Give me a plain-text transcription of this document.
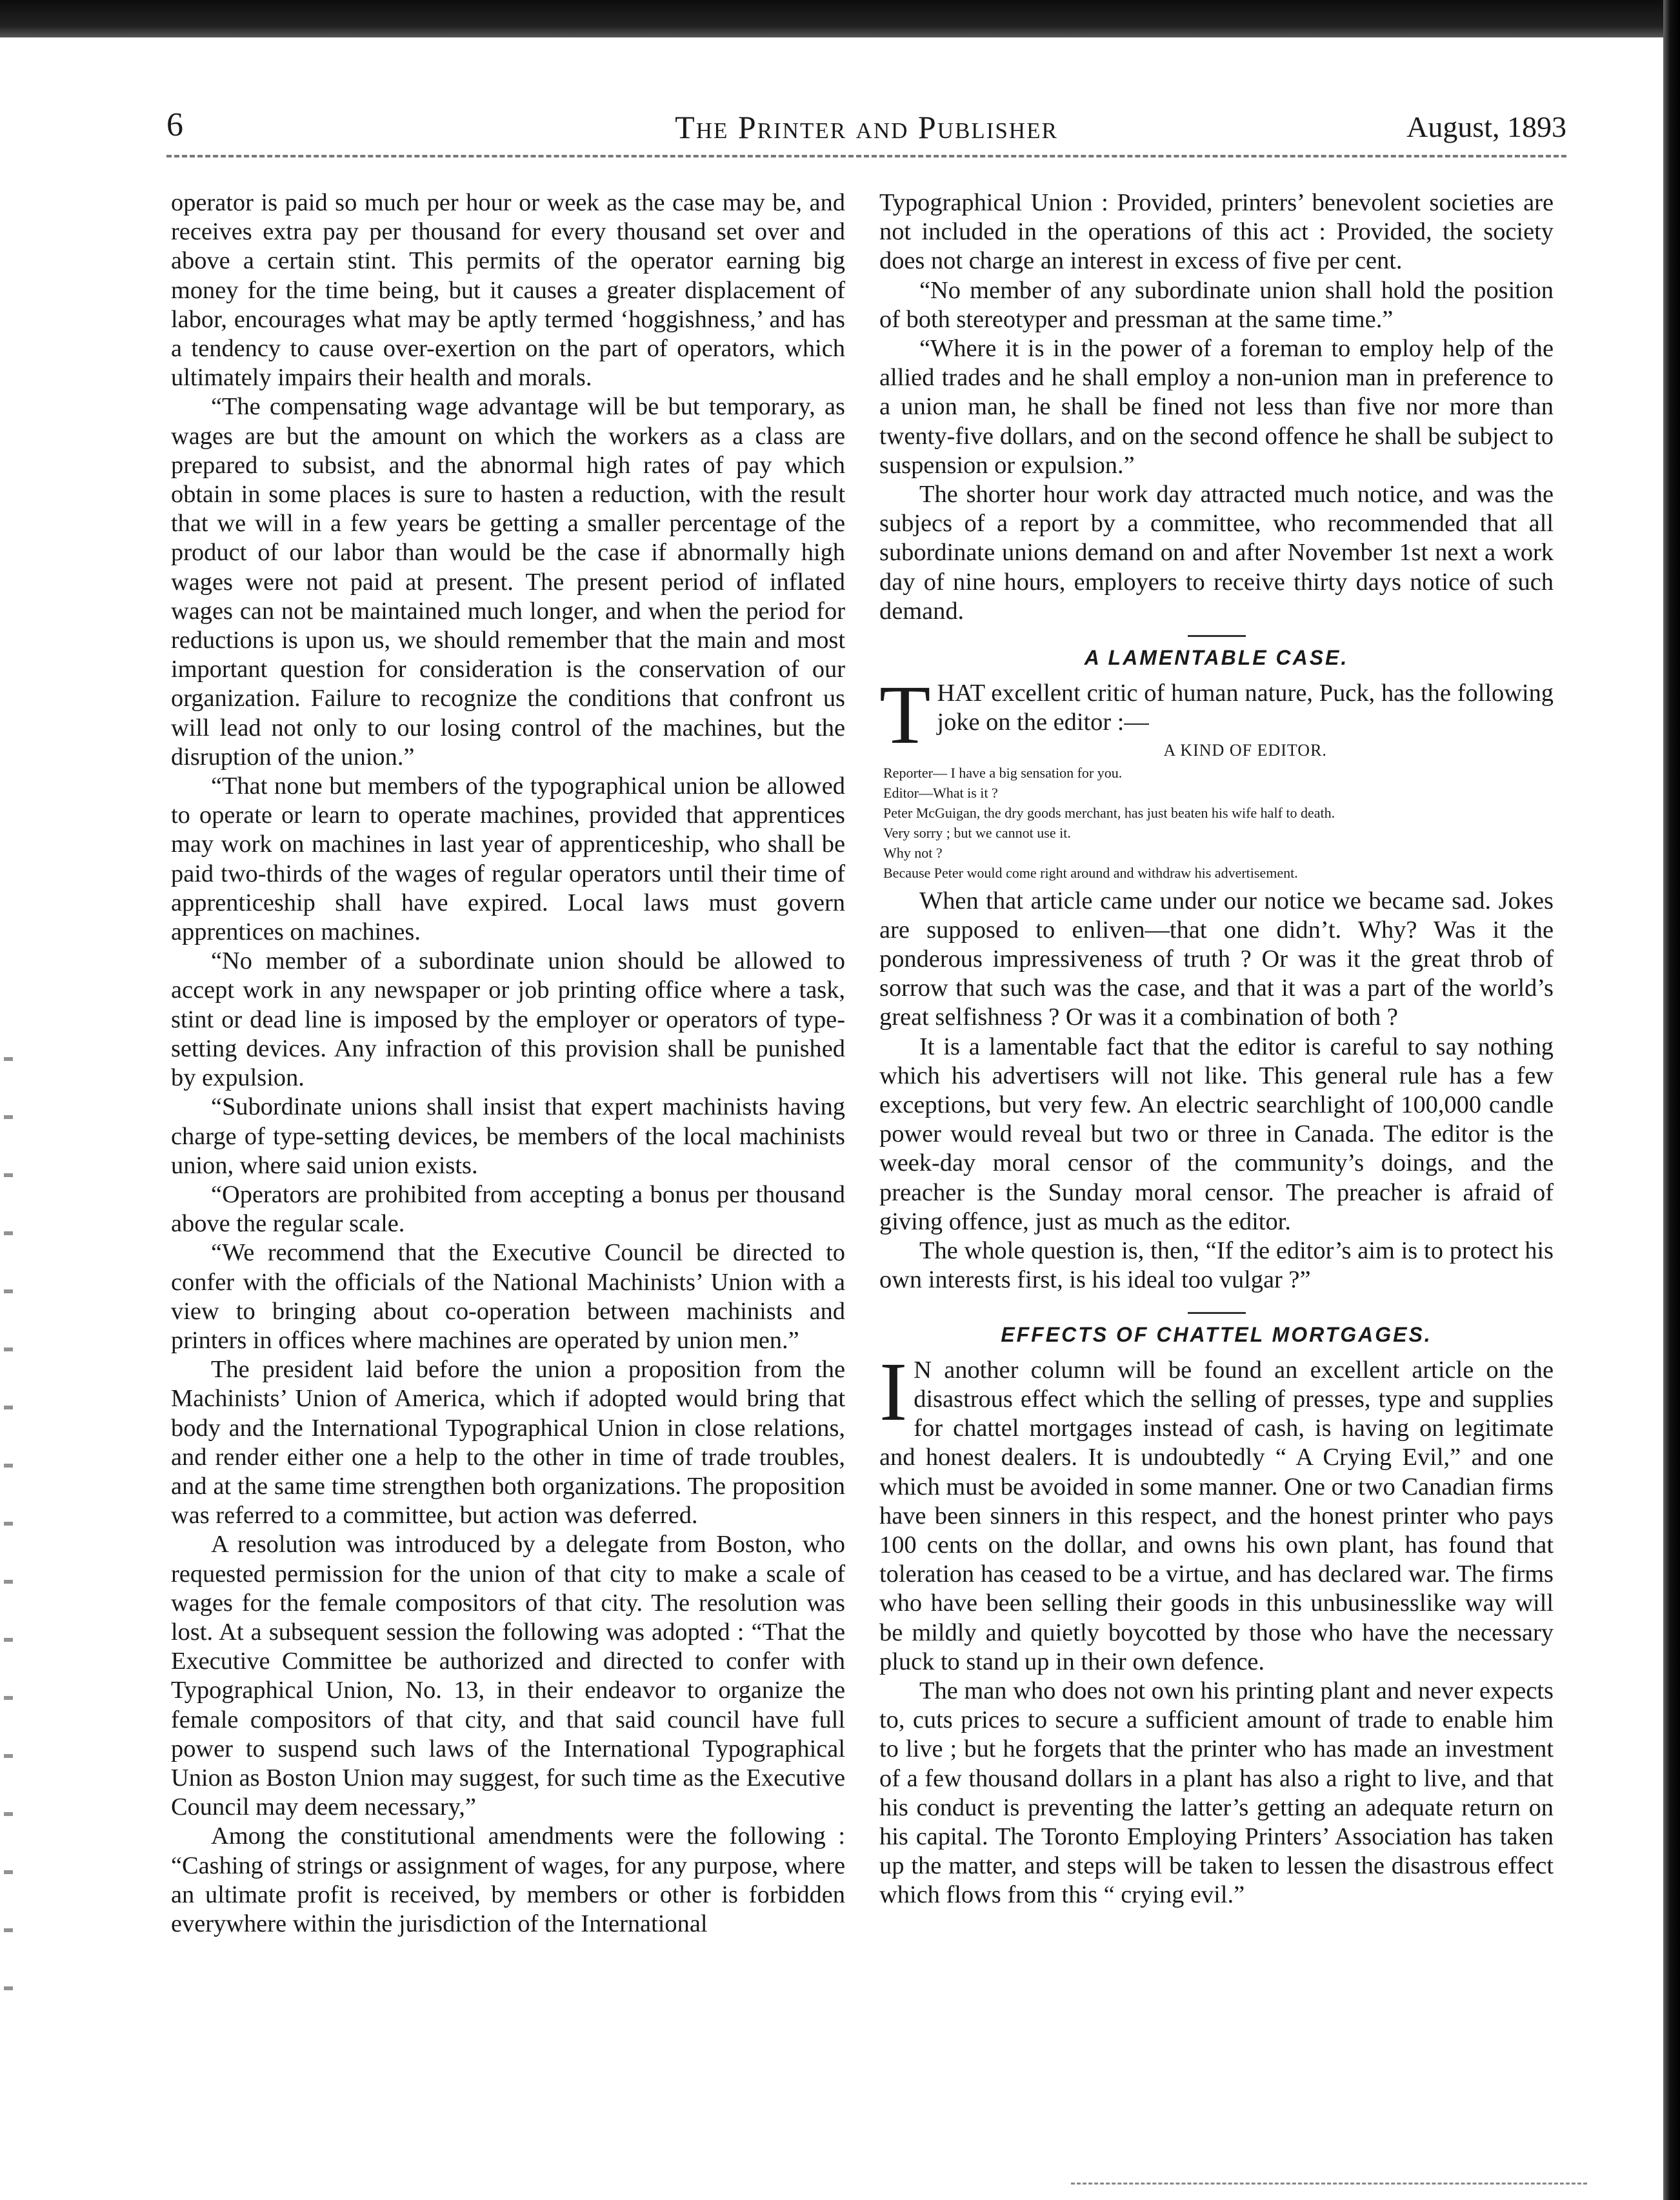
6	The Printer and Publisher	August, 1893

operator is paid so much per hour or week as the case may be, and receives extra pay per thousand for every thousand set over and above a certain stint. This permits of the operator earning big money for the time being, but it causes a greater displacement of labor, encourages what may be aptly termed ‘hoggishness,’ and has a tendency to cause over-exertion on the part of operators, which ultimately impairs their health and morals.

“The compensating wage advantage will be but temporary, as wages are but the amount on which the workers as a class are prepared to subsist, and the abnormal high rates of pay which obtain in some places is sure to hasten a reduction, with the result that we will in a few years be getting a smaller percentage of the product of our labor than would be the case if abnormally high wages were not paid at present. The present period of inflated wages can not be maintained much longer, and when the period for reductions is upon us, we should remember that the main and most important question for consideration is the conservation of our organization. Failure to recognize the conditions that confront us will lead not only to our losing control of the machines, but the disruption of the union.”

“That none but members of the typographical union be allowed to operate or learn to operate machines, provided that apprentices may work on machines in last year of apprenticeship, who shall be paid two-thirds of the wages of regular operators until their time of apprenticeship shall have expired. Local laws must govern apprentices on machines.

“No member of a subordinate union should be allowed to accept work in any newspaper or job printing office where a task, stint or dead line is imposed by the employer or operators of type-setting devices. Any infraction of this provision shall be punished by expulsion.

“Subordinate unions shall insist that expert machinists having charge of type-setting devices, be members of the local machinists union, where said union exists.

“Operators are prohibited from accepting a bonus per thousand above the regular scale.

“We recommend that the Executive Council be directed to confer with the officials of the National Machinists’ Union with a view to bringing about co-operation between machinists and printers in offices where machines are operated by union men.”

The president laid before the union a proposition from the Machinists’ Union of America, which if adopted would bring that body and the International Typographical Union in close relations, and render either one a help to the other in time of trade troubles, and at the same time strengthen both organizations. The proposition was referred to a committee, but action was deferred.

A resolution was introduced by a delegate from Boston, who requested permission for the union of that city to make a scale of wages for the female compositors of that city. The resolution was lost. At a subsequent session the following was adopted : “That the Executive Committee be authorized and directed to confer with Typographical Union, No. 13, in their endeavor to organize the female compositors of that city, and that said council have full power to suspend such laws of the International Typographical Union as Boston Union may suggest, for such time as the Executive Council may deem necessary,”

Among the constitutional amendments were the following : “Cashing of strings or assignment of wages, for any purpose, where an ultimate profit is received, by members or other is forbidden everywhere within the jurisdiction of the International

Typographical Union : Provided, printers’ benevolent societies are not included in the operations of this act : Provided, the society does not charge an interest in excess of five per cent.

“No member of any subordinate union shall hold the position of both stereotyper and pressman at the same time.”

“Where it is in the power of a foreman to employ help of the allied trades and he shall employ a non-union man in preference to a union man, he shall be fined not less than five nor more than twenty-five dollars, and on the second offence he shall be subject to suspension or expulsion.”

The shorter hour work day attracted much notice, and was the subjecs of a report by a committee, who recommended that all subordinate unions demand on and after November 1st next a work day of nine hours, employers to receive thirty days notice of such demand.

A LAMENTABLE CASE.

THAT excellent critic of human nature, Puck, has the following joke on the editor :—

A KIND OF EDITOR.
Reporter— I have a big sensation for you.
Editor—What is it ?
Peter McGuigan, the dry goods merchant, has just beaten his wife half to death.
Very sorry ; but we cannot use it.
Why not ?
Because Peter would come right around and withdraw his advertisement.

When that article came under our notice we became sad. Jokes are supposed to enliven—that one didn’t. Why? Was it the ponderous impressiveness of truth ? Or was it the great throb of sorrow that such was the case, and that it was a part of the world’s great selfishness ? Or was it a combination of both ?

It is a lamentable fact that the editor is careful to say nothing which his advertisers will not like. This general rule has a few exceptions, but very few. An electric searchlight of 100,000 candle power would reveal but two or three in Canada. The editor is the week-day moral censor of the community’s doings, and the preacher is the Sunday moral censor. The preacher is afraid of giving offence, just as much as the editor.

The whole question is, then, “If the editor’s aim is to protect his own interests first, is his ideal too vulgar ?”

EFFECTS OF CHATTEL MORTGAGES.

I N another column will be found an excellent article on the disastrous effect which the selling of presses, type and supplies for chattel mortgages instead of cash, is having on legitimate and honest dealers. It is undoubtedly “ A Crying Evil,” and one which must be avoided in some manner. One or two Canadian firms have been sinners in this respect, and the honest printer who pays 100 cents on the dollar, and owns his own plant, has found that toleration has ceased to be a virtue, and has declared war. The firms who have been selling their goods in this unbusinesslike way will be mildly and quietly boycotted by those who have the necessary pluck to stand up in their own defence.

The man who does not own his printing plant and never expects to, cuts prices to secure a sufficient amount of trade to enable him to live ; but he forgets that the printer who has made an investment of a few thousand dollars in a plant has also a right to live, and that his conduct is preventing the latter’s getting an adequate return on his capital. The Toronto Employing Printers’ Association has taken up the matter, and steps will be taken to lessen the disastrous effect which flows from this “ crying evil.”
